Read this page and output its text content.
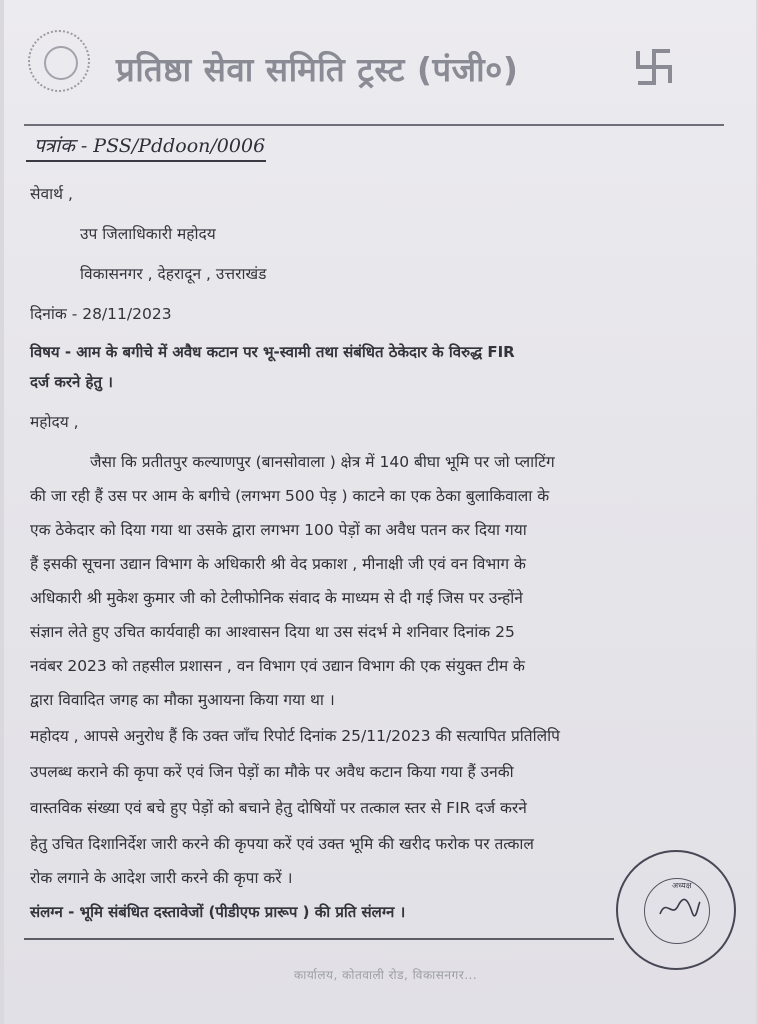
प्रतिष्ठा सेवा समिति ट्रस्ट (पंजी०)
पत्रांक - PSS/Pddoon/0006
सेवार्थ ,
उप जिलाधिकारी महोदय
विकासनगर , देहरादून , उत्तराखंड
दिनांक - 28/11/2023
विषय - आम के बगीचे में अवैध कटान पर भू-स्वामी तथा संबंधित ठेकेदार के विरुद्ध FIR
दर्ज करने हेतु ।
महोदय ,

जैसा कि प्रतीतपुर कल्याणपुर (बानसोवाला ) क्षेत्र में 140 बीघा भूमि पर जो प्लाटिंग

की जा रही हैं उस पर आम के बगीचे (लगभग 500 पेड़ ) काटने का एक ठेका बुलाकिवाला के

एक ठेकेदार को दिया गया था उसके द्वारा लगभग 100 पेड़ों का अवैध पतन कर दिया गया

हैं इसकी सूचना उद्यान विभाग के अधिकारी श्री वेद प्रकाश , मीनाक्षी जी एवं वन विभाग के

अधिकारी श्री मुकेश कुमार जी को टेलीफोनिक संवाद के माध्यम से दी गई जिस पर उन्होंने

संज्ञान लेते हुए उचित कार्यवाही का आश्वासन दिया था उस संदर्भ मे शनिवार दिनांक 25

नवंबर 2023 को तहसील प्रशासन , वन विभाग एवं उद्यान विभाग की एक संयुक्त टीम के

द्वारा विवादित जगह का मौका मुआयना किया गया था ।

महोदय , आपसे अनुरोध हैं कि उक्त जाँच रिपोर्ट दिनांक 25/11/2023 की सत्यापित प्रतिलिपि

उपलब्ध कराने की कृपा करें एवं जिन पेड़ों का मौके पर अवैध कटान किया गया हैं उनकी

वास्तविक संख्या एवं बचे हुए पेड़ों को बचाने हेतु दोषियों पर तत्काल स्तर से FIR दर्ज करने

हेतु उचित दिशानिर्देश जारी करने की कृपया करें एवं उक्त भूमि की खरीद फरोक पर तत्काल

रोक लगाने के आदेश जारी करने की कृपा करें ।

संलग्न - भूमि संबंधित दस्तावेजों (पीडीएफ प्रारूप ) की प्रति संलग्न ।
अध्यक्ष
कार्यालय, कोतवाली रोड, विकासनगर...
